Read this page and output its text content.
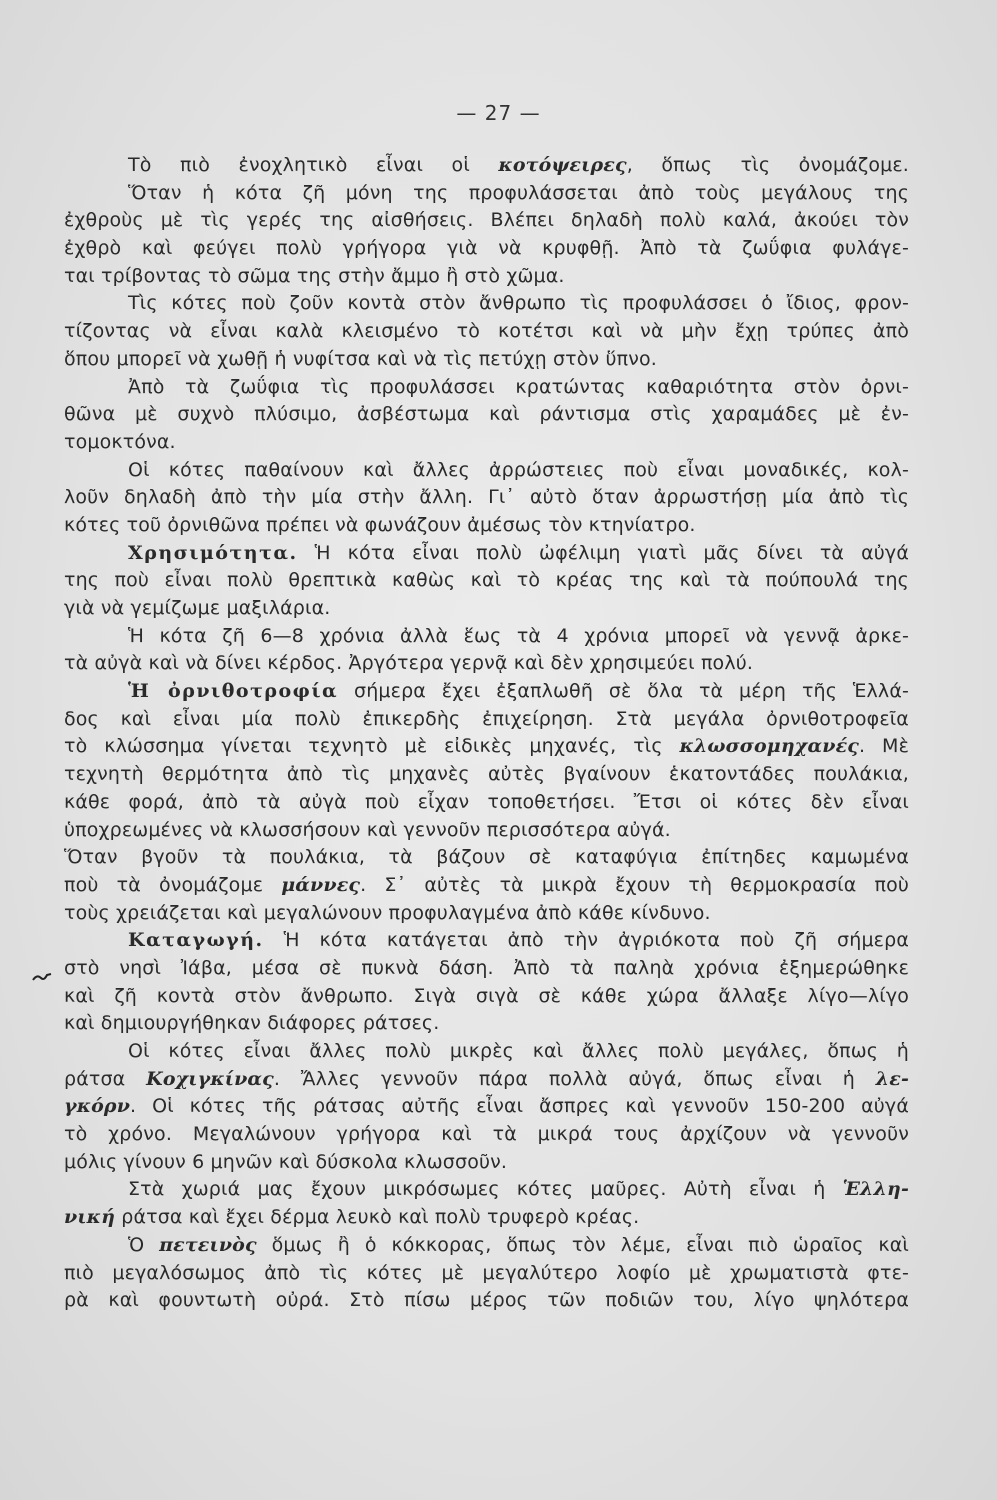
— 27 —
Τὸ πιὸ ἐνοχλητικὸ εἶναι οἱ κοτόψειρες, ὅπως τὶς ὀνομάζομε.
Ὅταν ἡ κότα ζῆ μόνη της προφυλάσσεται ἀπὸ τοὺς μεγάλους της
ἐχθροὺς μὲ τὶς γερές της αἰσθήσεις. Βλέπει δηλαδὴ πολὺ καλά, ἀκούει τὸν
ἐχθρὸ καὶ φεύγει πολὺ γρήγορα γιὰ νὰ κρυφθῇ. Ἀπὸ τὰ ζωΰφια φυλάγε-
ται τρίβοντας τὸ σῶμα της στὴν ἄμμο ἢ στὸ χῶμα.
Τὶς κότες ποὺ ζοῦν κοντὰ στὸν ἄνθρωπο τὶς προφυλάσσει ὁ ἴδιος, φρον-
τίζοντας νὰ εἶναι καλὰ κλεισμένο τὸ κοτέτσι καὶ νὰ μὴν ἔχῃ τρύπες ἀπὸ
ὅπου μπορεῖ νὰ χωθῇ ἡ νυφίτσα καὶ νὰ τὶς πετύχῃ στὸν ὕπνο.
Ἀπὸ τὰ ζωΰφια τὶς προφυλάσσει κρατώντας καθαριότητα στὸν ὀρνι-
θῶνα μὲ συχνὸ πλύσιμο, ἀσβέστωμα καὶ ράντισμα στὶς χαραμάδες μὲ ἐν-
τομοκτόνα.
Οἱ κότες παθαίνουν καὶ ἄλλες ἀρρώστειες ποὺ εἶναι μοναδικές, κολ-
λοῦν δηλαδὴ ἀπὸ τὴν μία στὴν ἄλλη. Γι᾿ αὐτὸ ὅταν ἀρρωστήσῃ μία ἀπὸ τὶς
κότες τοῦ ὀρνιθῶνα πρέπει νὰ φωνάζουν ἀμέσως τὸν κτηνίατρο.
Χρησιμότητα. Ἡ κότα εἶναι πολὺ ὠφέλιμη γιατὶ μᾶς δίνει τὰ αὐγά
της ποὺ εἶναι πολὺ θρεπτικὰ καθὼς καὶ τὸ κρέας της καὶ τὰ πούπουλά της
γιὰ νὰ γεμίζωμε μαξιλάρια.
Ἡ κότα ζῆ 6—8 χρόνια ἀλλὰ ἕως τὰ 4 χρόνια μπορεῖ νὰ γεννᾷ ἀρκε-
τὰ αὐγὰ καὶ νὰ δίνει κέρδος. Ἀργότερα γερνᾷ καὶ δὲν χρησιμεύει πολύ.
Ἡ ὀρνιθοτροφία σήμερα ἔχει ἐξαπλωθῆ σὲ ὅλα τὰ μέρη τῆς Ἑλλά-
δος καὶ εἶναι μία πολὺ ἐπικερδὴς ἐπιχείρηση. Στὰ μεγάλα ὀρνιθοτροφεῖα
τὸ κλώσσημα γίνεται τεχνητὸ μὲ εἰδικὲς μηχανές, τὶς κλωσσομηχανές. Μὲ
τεχνητὴ θερμότητα ἀπὸ τὶς μηχανὲς αὐτὲς βγαίνουν ἑκατοντάδες πουλάκια,
κάθε φορά, ἀπὸ τὰ αὐγὰ ποὺ εἶχαν τοποθετήσει. Ἔτσι οἱ κότες δὲν εἶναι
ὑποχρεωμένες νὰ κλωσσήσουν καὶ γεννοῦν περισσότερα αὐγά.
Ὅταν βγοῦν τὰ πουλάκια, τὰ βάζουν σὲ καταφύγια ἐπίτηδες καμωμένα
ποὺ τὰ ὀνομάζομε μάννες. Σ᾿ αὐτὲς τὰ μικρὰ ἔχουν τὴ θερμοκρασία ποὺ
τοὺς χρειάζεται καὶ μεγαλώνουν προφυλαγμένα ἀπὸ κάθε κίνδυνο.
Καταγωγή. Ἡ κότα κατάγεται ἀπὸ τὴν ἀγριόκοτα ποὺ ζῆ σήμερα
στὸ νησὶ Ἰάβα, μέσα σὲ πυκνὰ δάση. Ἀπὸ τὰ παληὰ χρόνια ἐξημερώθηκε
καὶ ζῆ κοντὰ στὸν ἄνθρωπο. Σιγὰ σιγὰ σὲ κάθε χώρα ἄλλαξε λίγο—λίγο
καὶ δημιουργήθηκαν διάφορες ράτσες.
Οἱ κότες εἶναι ἄλλες πολὺ μικρὲς καὶ ἄλλες πολὺ μεγάλες, ὅπως ἡ
ράτσα Κοχιγκίνας. Ἄλλες γεννοῦν πάρα πολλὰ αὐγά, ὅπως εἶναι ἡ λε-
γκόρν. Οἱ κότες τῆς ράτσας αὐτῆς εἶναι ἄσπρες καὶ γεννοῦν 150-200 αὐγά
τὸ χρόνο. Μεγαλώνουν γρήγορα καὶ τὰ μικρά τους ἀρχίζουν νὰ γεννοῦν
μόλις γίνουν 6 μηνῶν καὶ δύσκολα κλωσσοῦν.
Στὰ χωριά μας ἔχουν μικρόσωμες κότες μαῦρες. Αὐτὴ εἶναι ἡ Ἑλλη-
νική ράτσα καὶ ἔχει δέρμα λευκὸ καὶ πολὺ τρυφερὸ κρέας.
Ὁ πετεινὸς ὅμως ἢ ὁ κόκκορας, ὅπως τὸν λέμε, εἶναι πιὸ ὡραῖος καὶ
πιὸ μεγαλόσωμος ἀπὸ τὶς κότες μὲ μεγαλύτερο λοφίο μὲ χρωματιστὰ φτε-
ρὰ καὶ φουντωτὴ οὐρά. Στὸ πίσω μέρος τῶν ποδιῶν του, λίγο ψηλότερα
